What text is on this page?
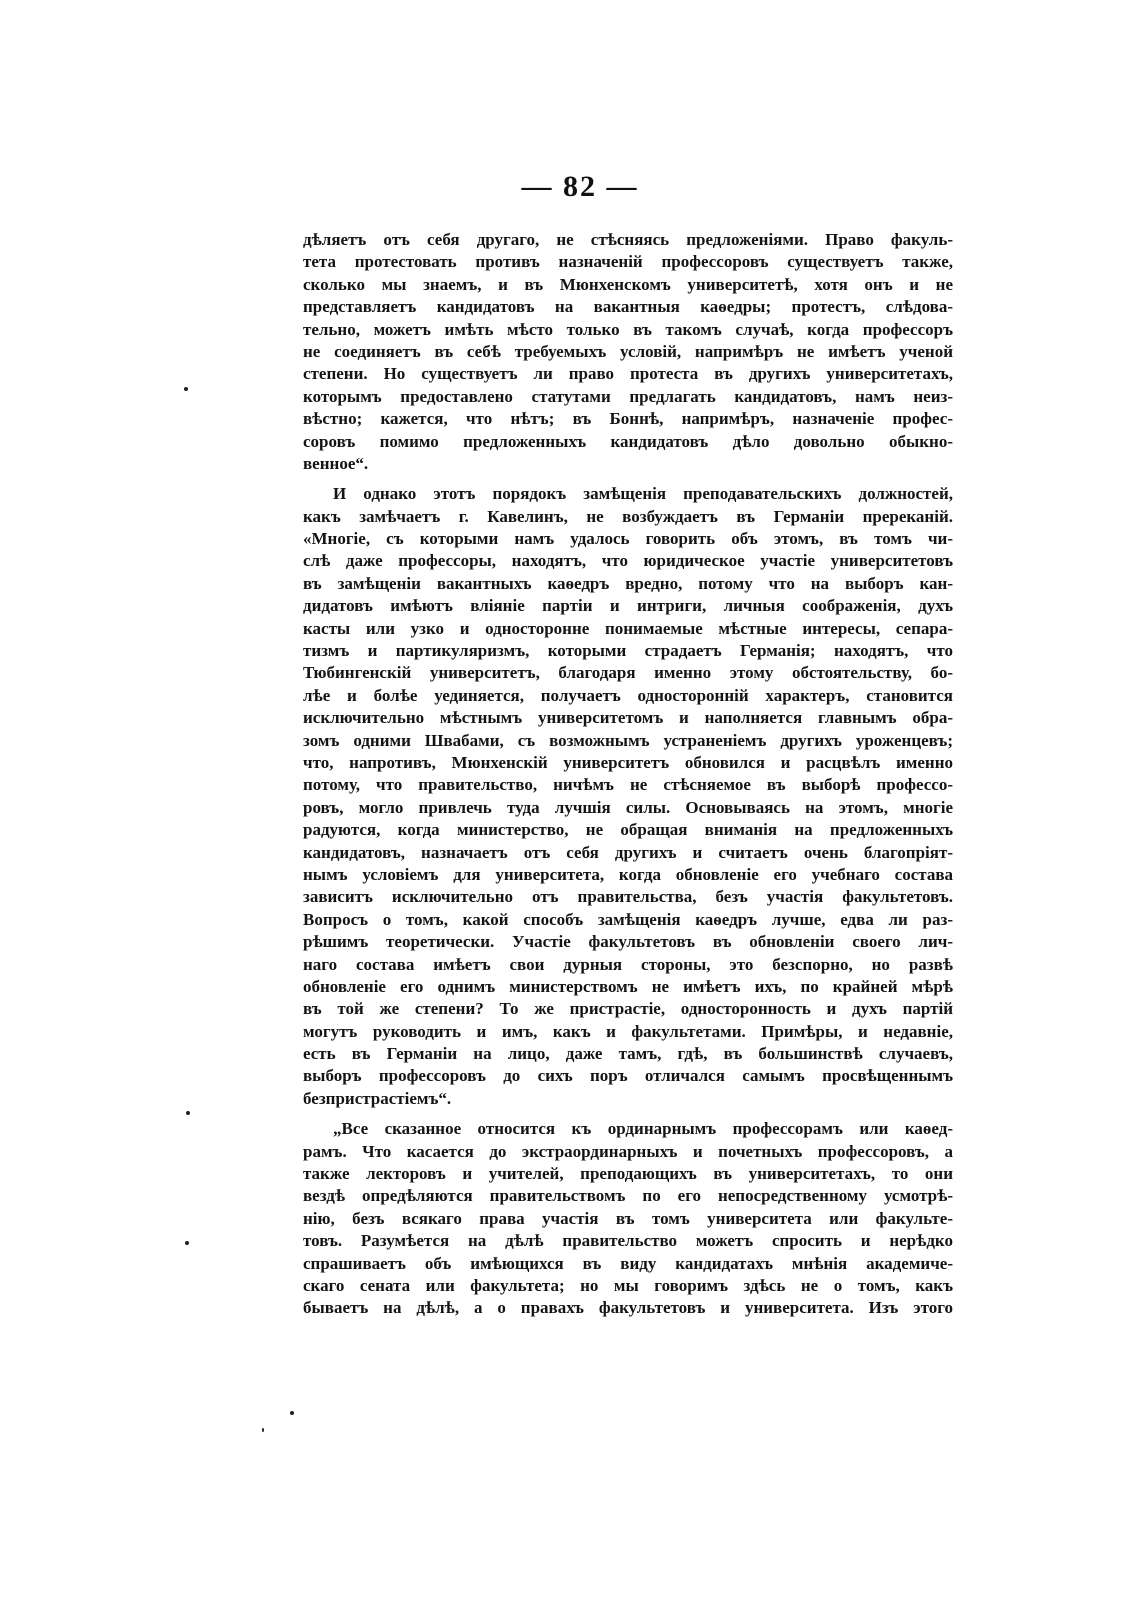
— 82 —
дѣляетъ отъ себя другаго, не стѣсняясь предложеніями. Право факуль-
тета протестовать противъ назначеній профессоровъ существуетъ также,
сколько мы знаемъ, и въ Мюнхенскомъ университетѣ, хотя онъ и не
представляетъ кандидатовъ на вакантныя каѳедры; протестъ, слѣдова-
тельно, можетъ имѣть мѣсто только въ такомъ случаѣ, когда профессоръ
не соединяетъ въ себѣ требуемыхъ условій, напримѣръ не имѣетъ ученой
степени. Но существуетъ ли право протеста въ другихъ университетахъ,
которымъ предоставлено статутами предлагать кандидатовъ, намъ неиз-
вѣстно; кажется, что нѣтъ; въ Боннѣ, напримѣръ, назначеніе профес-
соровъ помимо предложенныхъ кандидатовъ дѣло довольно обыкно-
венное“.
И однако этотъ порядокъ замѣщенія преподавательскихъ должностей,
какъ замѣчаетъ г. Кавелинъ, не возбуждаетъ въ Германіи пререканій.
«Многіе, съ которыми намъ удалось говорить объ этомъ, въ томъ чи-
слѣ даже профессоры, находятъ, что юридическое участіе университетовъ
въ замѣщеніи вакантныхъ каѳедръ вредно, потому что на выборъ кан-
дидатовъ имѣютъ вліяніе партіи и интриги, личныя соображенія, духъ
касты или узко и односторонне понимаемые мѣстные интересы, сепара-
тизмъ и партикуляризмъ, которыми страдаетъ Германія; находятъ, что
Тюбингенскій университетъ, благодаря именно этому обстоятельству, бо-
лѣе и болѣе уединяется, получаетъ односторонній характеръ, становится
исключительно мѣстнымъ университетомъ и наполняется главнымъ обра-
зомъ одними Швабами, съ возможнымъ устраненіемъ другихъ уроженцевъ;
что, напротивъ, Мюнхенскій университетъ обновился и расцвѣлъ именно
потому, что правительство, ничѣмъ не стѣсняемое въ выборѣ профессо-
ровъ, могло привлечь туда лучшія силы. Основываясь на этомъ, многіе
радуются, когда министерство, не обращая вниманія на предложенныхъ
кандидатовъ, назначаетъ отъ себя другихъ и считаетъ очень благопріят-
нымъ условіемъ для университета, когда обновленіе его учебнаго состава
зависитъ исключительно отъ правительства, безъ участія факультетовъ.
Вопросъ о томъ, какой способъ замѣщенія каѳедръ лучше, едва ли раз-
рѣшимъ теоретически. Участіе факультетовъ въ обновленіи своего лич-
наго состава имѣетъ свои дурныя стороны, это безспорно, но развѣ
обновленіе его однимъ министерствомъ не имѣетъ ихъ, по крайней мѣрѣ
въ той же степени? То же пристрастіе, односторонность и духъ партій
могутъ руководить и имъ, какъ и факультетами. Примѣры, и недавніе,
есть въ Германіи на лицо, даже тамъ, гдѣ, въ большинствѣ случаевъ,
выборъ профессоровъ до сихъ поръ отличался самымъ просвѣщеннымъ
безпристрастіемъ“.
„Все сказанное относится къ ординарнымъ профессорамъ или каѳед-
рамъ. Что касается до экстраординарныхъ и почетныхъ профессоровъ, а
также лекторовъ и учителей, преподающихъ въ университетахъ, то они
вездѣ опредѣляются правительствомъ по его непосредственному усмотрѣ-
нію, безъ всякаго права участія въ томъ университета или факульте-
товъ. Разумѣется на дѣлѣ правительство можетъ спросить и нерѣдко
спрашиваетъ объ имѣющихся въ виду кандидатахъ мнѣнія академиче-
скаго сената или факультета; но мы говоримъ здѣсь не о томъ, какъ
бываетъ на дѣлѣ, а о правахъ факультетовъ и университета. Изъ этого
